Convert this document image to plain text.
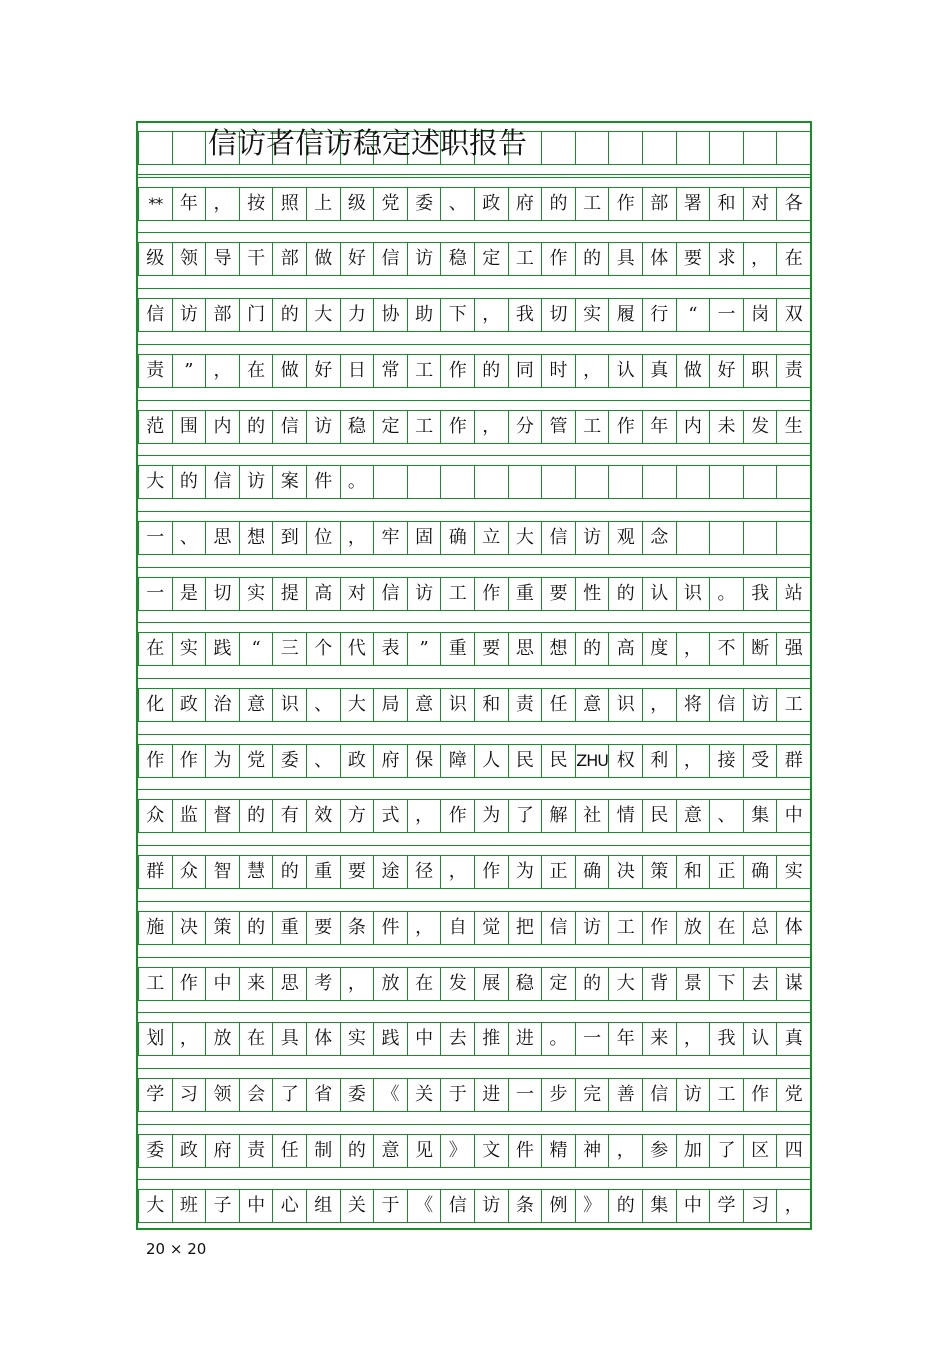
信访者信访稳定述职报告
** 年 ， 按 照 上 级 党 委 、 政 府 的 工 作 部 署 和 对 各
级 领 导 干 部 做 好 信 访 稳 定 工 作 的 具 体 要 求 ， 在
信 访 部 门 的 大 力 协 助 下 ， 我 切 实 履 行	“	一 岗 双
责	”	， 在 做 好 日 常 工 作 的 同 时 ， 认 真 做 好 职 责
范 围 内 的 信 访 稳 定 工 作 ， 分 管 工 作 年 内 未 发 生
大 的 信 访 案 件 。
一 、 思 想 到 位 ， 牢 固 确 立 大 信 访 观 念
一 是 切 实 提 高 对 信 访 工 作 重 要 性 的 认 识 。 我 站
在 实 践	“	三 个 代 表	”	重 要 思 想 的 高 度 ， 不 断 强
化 政 治 意 识 、 大 局 意 识 和 责 任 意 识 ， 将 信 访 工
作 作 为 党 委 、 政 府 保 障 人 民 民 ZHU 权 利 ， 接 受 群
众 监 督 的 有 效 方 式 ， 作 为 了 解 社 情 民 意 、 集 中
群 众 智 慧 的 重 要 途 径 ， 作 为 正 确 决 策 和 正 确 实
施 决 策 的 重 要 条 件 ， 自 觉 把 信 访 工 作 放 在 总 体
工 作 中 来 思 考 ， 放 在 发 展 稳 定 的 大 背 景 下 去 谋
划 ， 放 在 具 体 实 践 中 去 推 进 。 一 年 来 ， 我 认 真
学 习 领 会 了 省 委 《 关 于 进 一 步 完 善 信 访 工 作 党
委 政 府 责 任 制 的 意 见 》 文 件 精 神 ， 参 加 了 区 四
大 班 子 中 心 组 关 于 《 信 访 条 例 》 的 集 中 学 习 ，
20 × 20
